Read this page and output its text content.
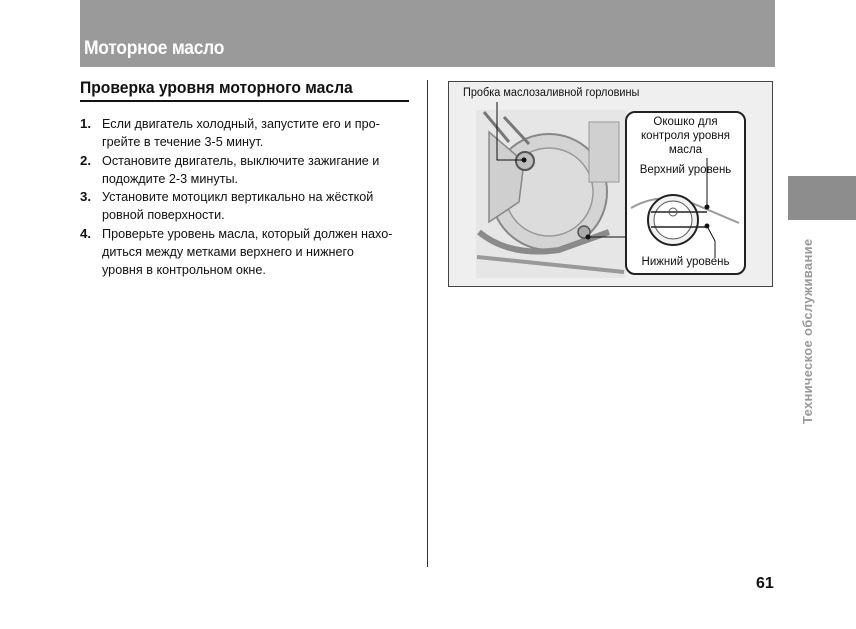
Моторное масло
Проверка уровня моторного масла
1. Если двигатель холодный, запустите его и про-
грейте в течение 3-5 минут.
2. Остановите двигатель, выключите зажигание и
подождите 2-3 минуты.
3. Установите мотоцикл вертикально на жёсткой
ровной поверхности.
4. Проверьте уровень масла, который должен нахо-
диться между метками верхнего и нижнего
уровня в контрольном окне.
Пробка маслозаливной горловины
Окошко для
контроля уровня
масла
Верхний уровень
Нижний уровень	Техническое обслуживание
61
